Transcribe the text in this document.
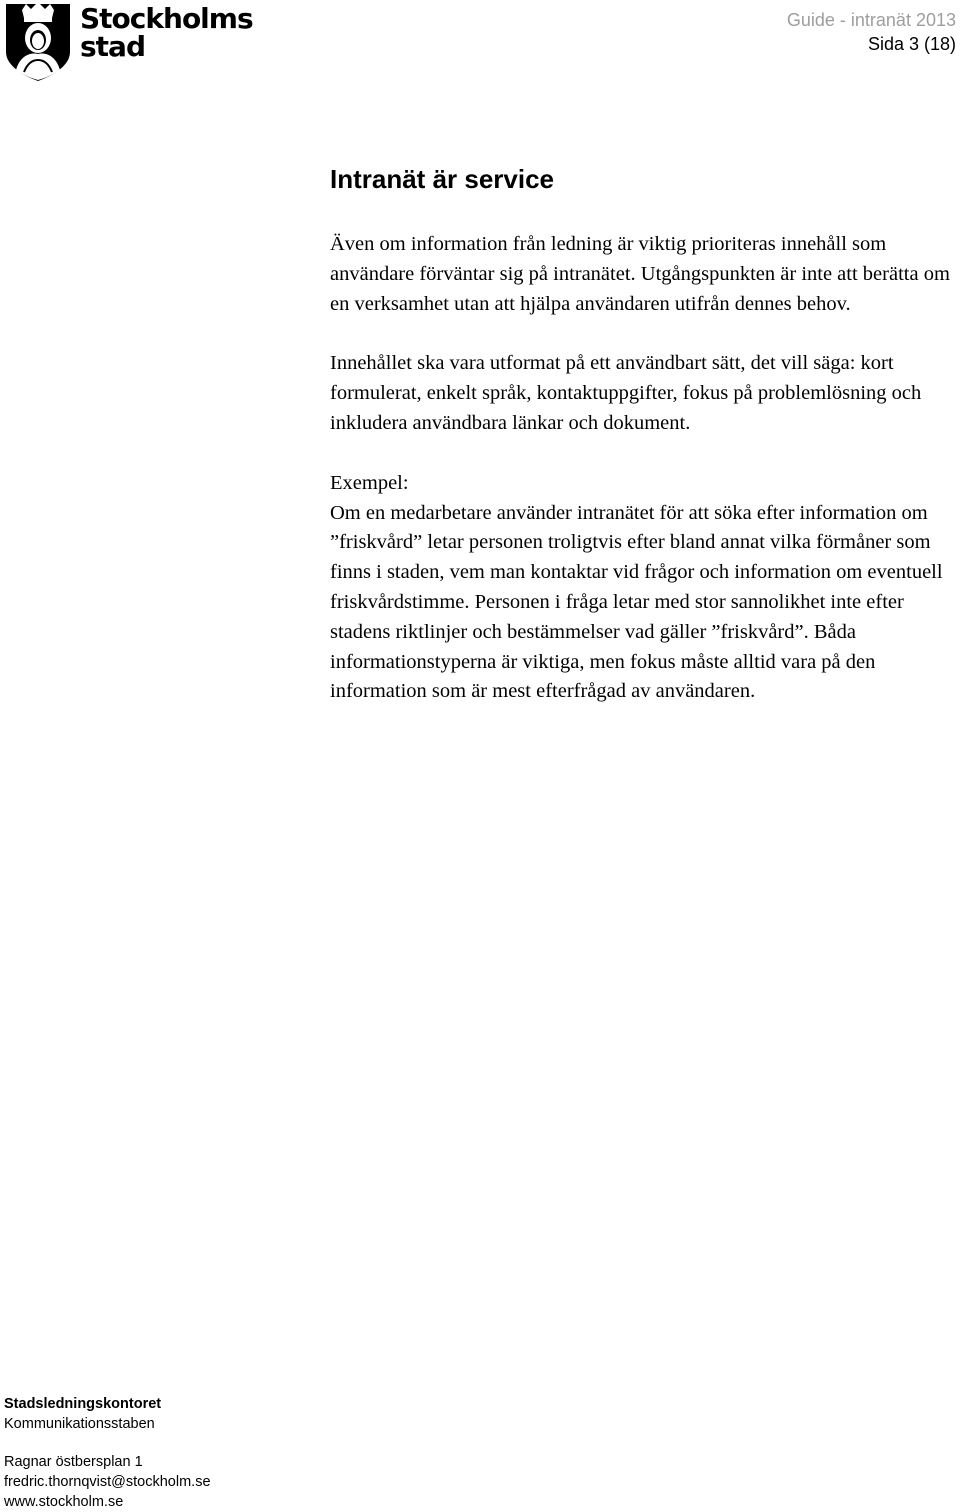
Stockholms
stad
Guide - intranät 2013
Sida 3 (18)
Intranät är service

Även om information från ledning är viktig prioriteras innehåll som användare förväntar sig på intranätet. Utgångspunkten är inte att berätta om en verksamhet utan att hjälpa användaren utifrån dennes behov.

Innehållet ska vara utformat på ett användbart sätt, det vill säga: kort formulerat, enkelt språk, kontaktuppgifter, fokus på problemlösning och inkludera användbara länkar och dokument.

Exempel:
Om en medarbetare använder intranätet för att söka efter information om ”friskvård” letar personen troligtvis efter bland annat vilka förmåner som finns i staden, vem man kontaktar vid frågor och information om eventuell friskvårdstimme. Personen i fråga letar med stor sannolikhet inte efter stadens riktlinjer och bestämmelser vad gäller ”friskvård”. Båda informationstyperna är viktiga, men fokus måste alltid vara på den information som är mest efterfrågad av användaren.
Stadsledningskontoret
Kommunikationsstaben
Ragnar östbersplan 1
fredric.thornqvist@stockholm.se
www.stockholm.se
